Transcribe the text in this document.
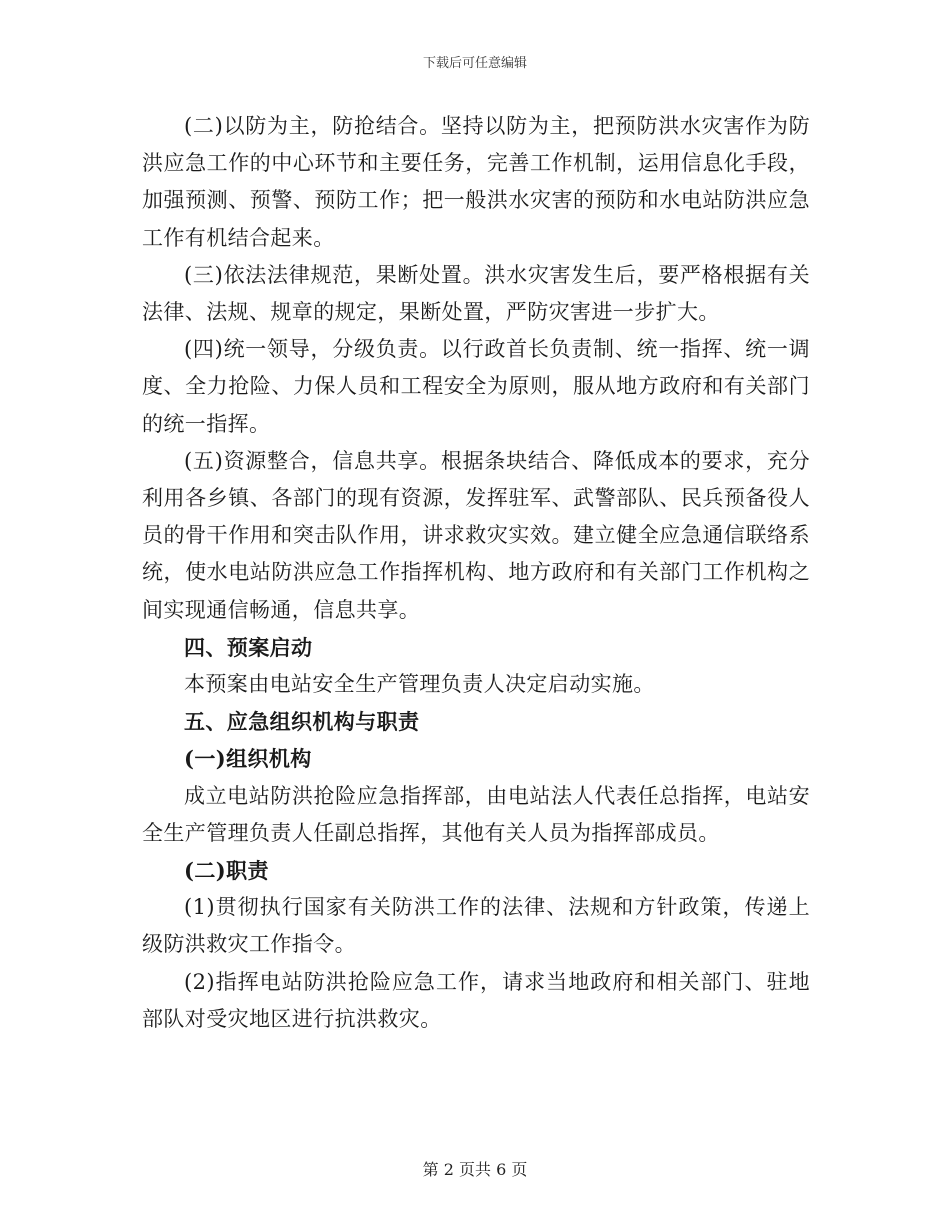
下载后可任意编辑

(二)以防为主，防抢结合。坚持以防为主，把预防洪水灾害作为防洪应急工作的中心环节和主要任务，完善工作机制，运用信息化手段，加强预测、预警、预防工作；把一般洪水灾害的预防和水电站防洪应急工作有机结合起来。

(三)依法法律规范，果断处置。洪水灾害发生后，要严格根据有关法律、法规、规章的规定，果断处置，严防灾害进一步扩大。

(四)统一领导，分级负责。以行政首长负责制、统一指挥、统一调度、全力抢险、力保人员和工程安全为原则，服从地方政府和有关部门的统一指挥。

(五)资源整合，信息共享。根据条块结合、降低成本的要求，充分利用各乡镇、各部门的现有资源，发挥驻军、武警部队、民兵预备役人员的骨干作用和突击队作用，讲求救灾实效。建立健全应急通信联络系统，使水电站防洪应急工作指挥机构、地方政府和有关部门工作机构之间实现通信畅通，信息共享。

四、预案启动

本预案由电站安全生产管理负责人决定启动实施。

五、应急组织机构与职责

(一)组织机构

成立电站防洪抢险应急指挥部，由电站法人代表任总指挥，电站安全生产管理负责人任副总指挥，其他有关人员为指挥部成员。

(二)职责

(1)贯彻执行国家有关防洪工作的法律、法规和方针政策，传递上级防洪救灾工作指令。

(2)指挥电站防洪抢险应急工作，请求当地政府和相关部门、驻地部队对受灾地区进行抗洪救灾。

第 2 页共 6 页
